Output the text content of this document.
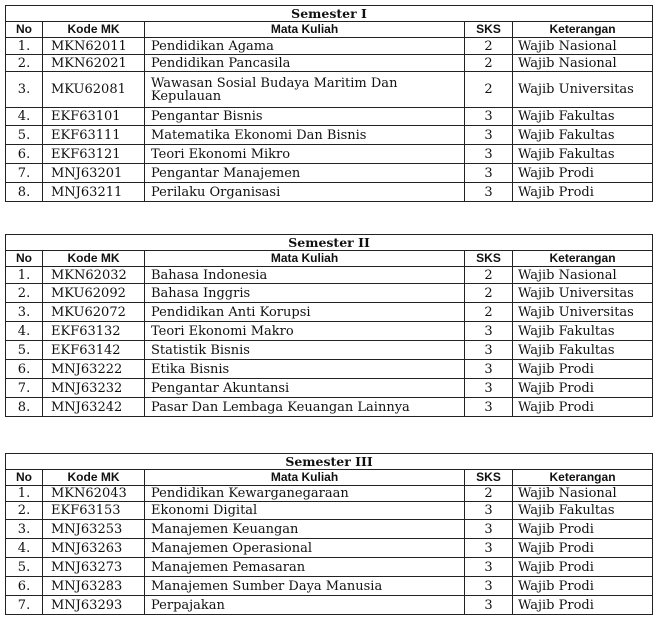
Semester I				
No	Kode MK	Mata Kuliah	SKS	Keterangan
1.	MKN62011	Pendidikan Agama	2	Wajib Nasional
2.	MKN62021	Pendidikan Pancasila	2	Wajib Nasional
3.	MKU62081	Wawasan Sosial Budaya Maritim Dan Kepulauan	2	Wajib Universitas
4.	EKF63101	Pengantar Bisnis	3	Wajib Fakultas
5.	EKF63111	Matematika Ekonomi Dan Bisnis	3	Wajib Fakultas
6.	EKF63121	Teori Ekonomi Mikro	3	Wajib Fakultas
7.	MNJ63201	Pengantar Manajemen	3	Wajib Prodi
8.	MNJ63211	Perilaku Organisasi	3	Wajib Prodi
Semester II				
No	Kode MK	Mata Kuliah	SKS	Keterangan
1.	MKN62032	Bahasa Indonesia	2	Wajib Nasional
2.	MKU62092	Bahasa Inggris	2	Wajib Universitas
3.	MKU62072	Pendidikan Anti Korupsi	2	Wajib Universitas
4.	EKF63132	Teori Ekonomi Makro	3	Wajib Fakultas
5.	EKF63142	Statistik Bisnis	3	Wajib Fakultas
6.	MNJ63222	Etika Bisnis	3	Wajib Prodi
7.	MNJ63232	Pengantar Akuntansi	3	Wajib Prodi
8.	MNJ63242	Pasar Dan Lembaga Keuangan Lainnya	3	Wajib Prodi
Semester III				
No	Kode MK	Mata Kuliah	SKS	Keterangan
1.	MKN62043	Pendidikan Kewarganegaraan	2	Wajib Nasional
2.	EKF63153	Ekonomi Digital	3	Wajib Fakultas
3.	MNJ63253	Manajemen Keuangan	3	Wajib Prodi
4.	MNJ63263	Manajemen Operasional	3	Wajib Prodi
5.	MNJ63273	Manajemen Pemasaran	3	Wajib Prodi
6.	MNJ63283	Manajemen Sumber Daya Manusia	3	Wajib Prodi
7.	MNJ63293	Perpajakan	3	Wajib Prodi
